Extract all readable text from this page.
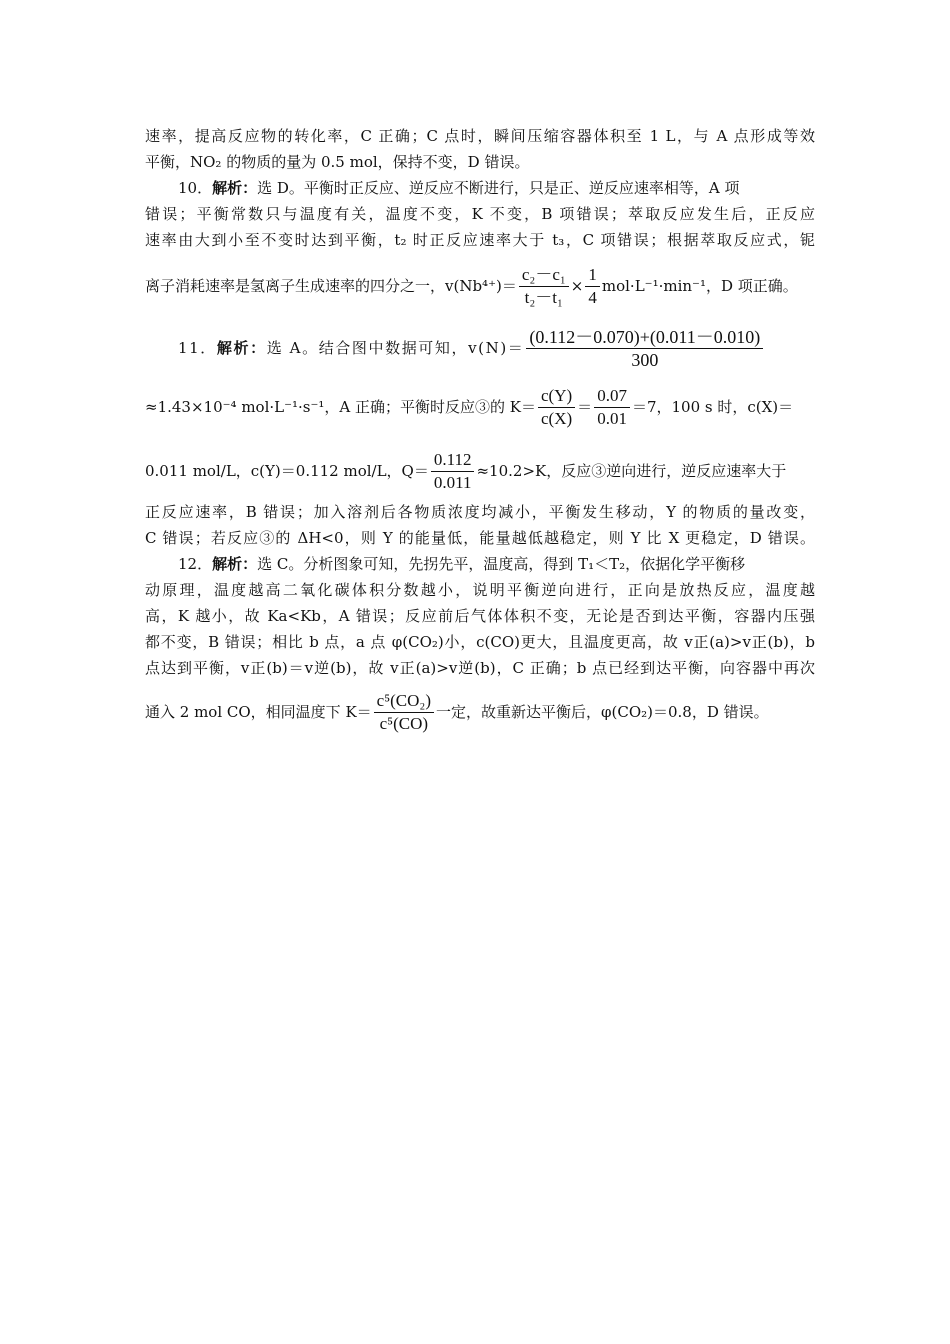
速率，提高反应物的转化率，C 正确；C 点时，瞬间压缩容器体积至 1 L，与 A 点形成等效
平衡，NO₂ 的物质的量为 0.5 mol，保持不变，D 错误。
10．解析：选 D。平衡时正反应、逆反应不断进行，只是正、逆反应速率相等，A 项
错误；平衡常数只与温度有关，温度不变，K 不变，B 项错误；萃取反应发生后，正反应
速率由大到小至不变时达到平衡，t₂ 时正反应速率大于 t₃，C 项错误；根据萃取反应式，铌
离子消耗速率是氢离子生成速率的四分之一，$v(Nb^{4+})= \frac{\text{c₂－c₁}}{\text{t₂－t₁}} \times \frac{1}{4} mol\cdot L^{-1}\cdot\min^{-1}$，D 项正确。
11． 解析： 选 A。结合图中数据可知，$v(N)= \frac{(0.112-0.070)+(0.011-0.010)}{300}$
≈1.43×10⁻⁴ mol·L⁻¹·s⁻¹，A 正确；平衡时反应③的 $K= \frac{c(Y)}{c(X)} = \frac{0.07}{0.01} =7$，100 s 时，c(X)＝
0.011 mol/L，c(Y)＝0.112 mol/L，$Q= \frac{0.112}{0.011} \approx 10.2>K$，反应③逆向进行，逆反应速率大于
正反应速率，B 错误；加入溶剂后各物质浓度均减小，平衡发生移动，Y 的物质的量改变，
C 错误；若反应③的 ΔH<0，则 Y 的能量低，能量越低越稳定，则 Y 比 X 更稳定，D 错误。
12．解析：选 C。分析图象可知，先拐先平，温度高，得到 T₁＜T₂，依据化学平衡移
动原理，温度越高二氧化碳体积分数越小，说明平衡逆向进行，正向是放热反应，温度越
高，K 越小，故 Ka<Kb，A 错误；反应前后气体体积不变，无论是否到达平衡，容器内压强
都不变，B 错误；相比 b 点，a 点 φ(CO₂)小，c(CO)更大，且温度更高，故 v正(a)>v正(b)，b
点达到平衡，v正(b)＝v逆(b)，故 v正(a)>v逆(b)，C 正确；b 点已经到达平衡，向容器中再次
通入 2 mol CO，相同温度下 $K= \frac{\text{c⁵(CO₂)}}{\text{c⁵(CO)}}$ 一定，故重新达平衡后，φ(CO₂)＝0.8，D 错误。
